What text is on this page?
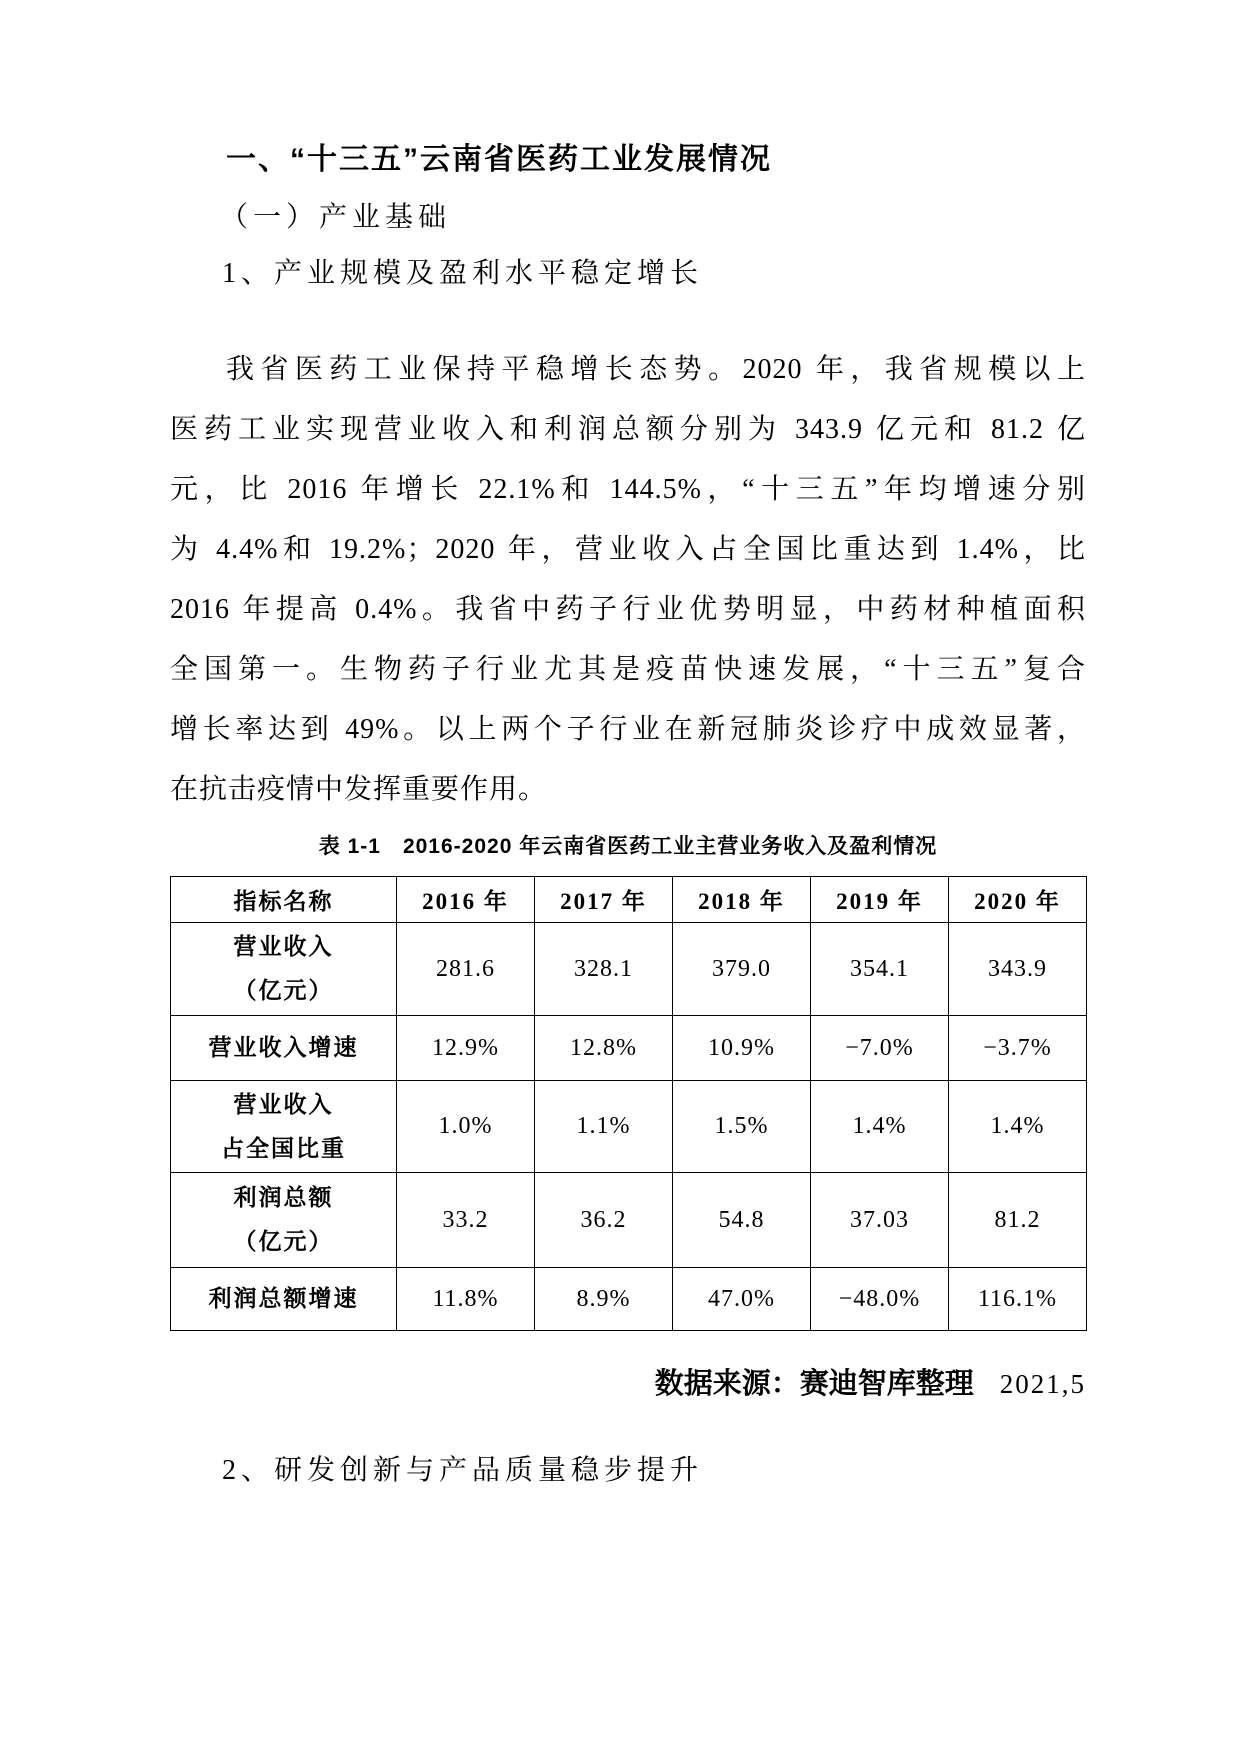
一、“十三五”云南省医药工业发展情况
（一）产业基础
1、产业规模及盈利水平稳定增长
我省医药工业保持平稳增长态势。2020 年，我省规模以上
医药工业实现营业收入和利润总额分别为 343.9 亿元和 81.2 亿
元，比 2016 年增长 22.1%和 144.5%，“十三五”年均增速分别
为 4.4%和 19.2%；2020 年，营业收入占全国比重达到 1.4%，比
2016 年提高 0.4%。我省中药子行业优势明显，中药材种植面积
全国第一。生物药子行业尤其是疫苗快速发展，“十三五”复合
增长率达到 49%。以上两个子行业在新冠肺炎诊疗中成效显著，
在抗击疫情中发挥重要作用。
表 1-1　2016-2020 年云南省医药工业主营业务收入及盈利情况
指标名称	2016 年	2017 年	2018 年	2019 年	2020 年

营业收入
（亿元）	281.6	328.1	379.0	354.1	343.9

营业收入增速	12.9%	12.8%	10.9%	−7.0%	−3.7%

营业收入
占全国比重	1.0%	1.1%	1.5%	1.4%	1.4%

利润总额
（亿元）	33.2	36.2	54.8	37.03	81.2

利润总额增速	11.8%	8.9%	47.0%	−48.0%	116.1%
数据来源：赛迪智库整理 2021,5
2、研发创新与产品质量稳步提升
